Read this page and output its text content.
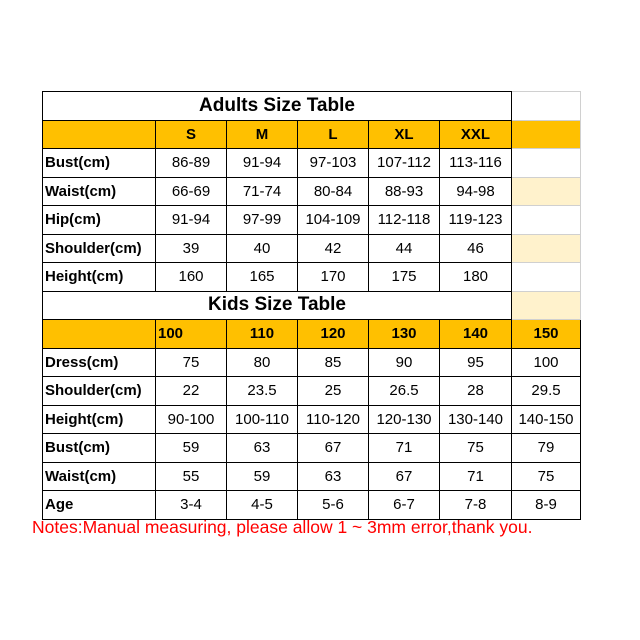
Adults Size Table						
	S	M	L	XL	XXL	
Bust(cm)	86-89	91-94	97-103	107-112	113-116	
Waist(cm)	66-69	71-74	80-84	88-93	94-98	
Hip(cm)	91-94	97-99	104-109	112-118	119-123	
Shoulder(cm)	39	40	42	44	46	
Height(cm)	160	165	170	175	180	
Kids Size Table						
	100	110	120	130	140	150
Dress(cm)	75	80	85	90	95	100
Shoulder(cm)	22	23.5	25	26.5	28	29.5
Height(cm)	90-100	100-110	110-120	120-130	130-140	140-150
Bust(cm)	59	63	67	71	75	79
Waist(cm)	55	59	63	67	71	75
Age	3-4	4-5	5-6	6-7	7-8	8-9
Notes:Manual measuring, please allow 1 ~ 3mm error,thank you.
